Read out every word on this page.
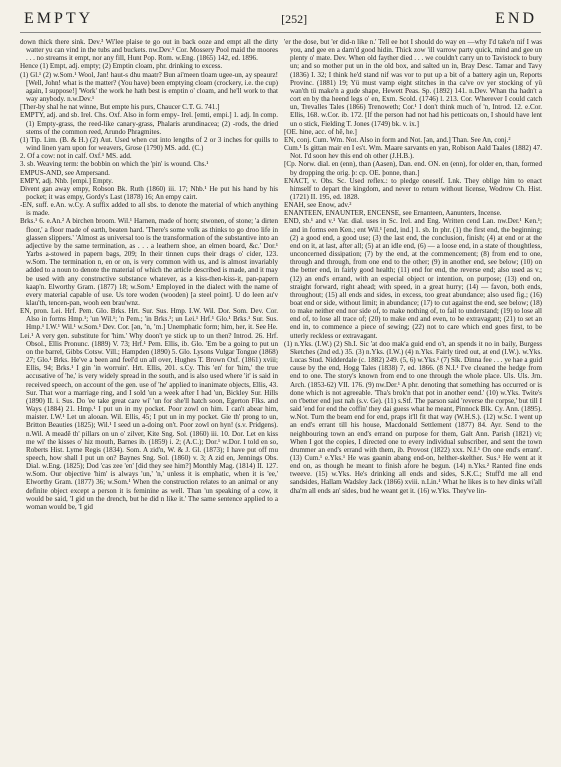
EMPTY	[252]	END

down thick there sink. Dev.³ Wi'lee plaise te go out in back ooze and empt all the dirty watter yu can vind in the tubs and buckets. nw.Dev.¹ Cor. Mossery Pool maid the moores . . . no streams it empt, nor any fill, Hunt Pop. Rom. w.Eng. (1865) 142, ed. 1896.

Hence (1) Empt, adj. empty; (2) Emptin cloam, phr. drinking to excess.

(1) Gl.¹ (2) w.Som.¹ Wool, Jan! haut-s dhu maatr? Bun ai'meen tloam ugee-un, ay speaurz! [Well, John! what is the matter? (You have) been emptying cloam (crockery, i.e. the cup) again, I suppose!] 'Work' the work he hath best is emptin o' cloam, and he'll work to that way anybody. n.w.Dev.¹

[Ther-by shal he nat winne, But empte his purs, Chaucer C.T. G. 741.]

EMPTY, adj. and sb. Irel. Chs. Oxf. Also in form empy- Irel. [emti, empi.] 1. adj. In comp. (1) Empty-grass, the reed-like canary-grass, Phalaris arundinacea; (2) -rods, the dried stems of the common reed, Arundo Phragmites.

(1) Tip. Lim. (B. & H.) (2) Aut. Used when cut into lengths of 2 or 3 inches for quills to wind linen yarn upon for weavers, Grose (1790) MS. add. (C.)

2. Of a cow: not in calf. Oxf.¹ MS. add.

3. sb. Weaving term: the bobbin on which the 'pin' is wound. Chs.¹

EMPUS-AND, see Ampersand.

EMPY, adj. Nhb. [empi.] Empty.

Divent gan away empy, Robson Bk. Ruth (1860) iii. 17; Nhb.¹ He put his hand by his pocket; it was empy, Gordy's Last (1878) 16; An empy cairt.

-EN, suff. e.An. w.Cy. A suffix added to all sbs. to denote the material of which anything is made.

Brks.¹ 6. e.An.² A birchen broom. Wil.¹ Harnen, made of horn; stwonen, of stone; 'a dirten floor,' a floor made of earth, beaten hard. 'There's some volk as thinks to go droo life in glassen slippers.' 'Almost as universal too is the transformation of the substantive into an adjective by the same termination, as . . . a leathern shoe, an elmen board, &c.' Dor.¹ Yarbs a-stowed in papern bags, 209; In their tinnen cups their drags o' cider, 123. w.Som. The termination n, en or on, is very common with us, and is almost invariably added to a noun to denote the material of which the article described is made, and it may be used with any constructive substance whatever, as a kiss-then-kiss-it, pan-papern kaap'n. Elworthy Gram. (1877) 18; w.Som.¹ Employed in the dialect with the name of every material capable of use. Us tore woden (wooden) [a steel point]. U do leen au'v klau'th, tencen-pan, wooh een brau'wnz.

EN, pron. Lei. Hrf. Pem. Glo. Brks. Hrt. Sur. Sus. Hmp. I.W. Wil. Dor. Som. Dev. Cor. Also in forms Hmp.¹; 'un Wil.¹; 'n Pem.; 'in Brks.¹; un Lei.¹ Hrf.¹ Glo.¹ Brks.¹ Sur. Sus. Hmp.¹ I.W.¹ Wil.¹ w.Som.¹ Dev. Cor. [ən, ʼn, ʼm.] Unemphatic form; him, her, it. See He.

Lei.¹ A very gen. substitute for 'him.' Why doon't ye stick up to un then? Introd. 26. Hrf. Obsol., Ellis Pronunc. (1889) V. 73; Hrf.¹ Pem. Ellis, ib. Glo. 'Em be a going to put un on the barrel, Gibbs Cotsw. Vill.; Hampden (1890) 5. Glo. Lysons Vulgar Tongue (1868) 27; Glo.¹ Brks. He've a been and feel'd un all over, Hughes T. Brown Oxf. (1861) xviii; Ellis, 94; Brks.¹ I gin 'in worruin'. Hrt. Ellis, 201. s.Cy. This 'en' for 'him,' the true accusative of 'he,' is very widely spread in the south, and is also used where 'it' is said in received speech, on account of the gen. use of 'he' applied to inanimate objects, Ellis, 43. Sur. That wor a marriage ring, and I sold 'un a week after I had 'un, Bickley Sur. Hills (1890) II. i. Sus. Do 'ee take great care wi' 'un for she'll hatch soon, Egerton Flks. and Ways (1884) 21. Hmp.¹ I put un in my pocket. Poor zowl on him. I can't abear him, maister. I.W.¹ Let un alooan. Wil. Ellis, 45; I put un in my pocket. Gie th' prong to un, Britton Beauties (1825); Wil.¹ I seed un a-doing on't. Poor zowl on hyn! (s.v. Pridgens). n.Wil. A meadē th' pillars on un o' zilver, Kite Sng. Sol. (1860) iii. 10. Dor. Let en kiss me wi' the kisses o' hiz mouth, Barnes ib. (1859) i. 2; (A.C.); Dor.¹ w.Dor. I told en so, Roberts Hist. Lyme Regis (1834). Som. A zid'n, W. & J. Gl. (1873); I have put off mu speech, how shall I put un on? Baynes Sng. Sol. (1860) v. 3; A zid en, Jennings Obs. Dial. w.Eng. (1825); Dod 'cas zee 'en' [did they see him?] Monthly Mag. (1814) II. 127. w.Som. Our objective 'him' is always 'un,' 'n,' unless it is emphatic, when it is 'ee,' Elworthy Gram. (1877) 36; w.Som.¹ When the construction relates to an animal or any definite object except a person it is feminine as well. Than 'un speaking of a cow, it would be said, 'I gid un the drench, but he did n like it.' The same sentence applied to a woman would be, 'I gid

'er the dose, but 'er did-n like n.' Tell ee hot I should do way en —why I'd take'n nif I was you, and gee en a darn'd good hidin. Thick zow 'ill varrow party quick, mind and gee un plenty o' mate. Dev. When old fayther died . . . we couldn't carry un to Tavistock to bury un; and so mother put un in the old box, and salted un in, Bray Desc. Tamar and Tavy (1836) I. 32; I think he'd stand nif was vor to put up a bit of a battery agin un, Reports Provinc. (1881) 19; Yü must vamp eight stitches in tha ca've ov yer stocking of yü wan'th tü make'n a gude shape, Hewett Peas. Sp. (1892) 141. n.Dev. Whan tha hadn't a cort en by tha heend legs o' en, Exm. Scold. (1746) l. 213. Cor. Wherever I could catch un, Trevalles Tales (1866) Trenoweth; Cor.¹ I don't think much of 'n, Introd. 12. e.Cor. Ellis, 168. w.Cor. ib. 172. [If the person had not had his petticoats on, I should have lent un o stick, Fielding T. Jones (1749) bk. v. ix.]

[OE. hine, acc. of hē, he.]

EN, conj. Cum. Wm. Not. Also in form and Not. [ən, and.] Than. See An, conj.²

Cum.¹ Is gittan mair en I es't. Wm. Maare sarvants en yan, Robison Aald Taales (1882) 47. Not. I'd soon hev this end oh other (J.H.B.).

[Cp. Norw. dial. en (enn), than (Aasen), Dan. end. ON. en (enn), for older en, than, formed by dropping the orig. þ: cp. OE. þonne, than.]

ENACT, v. Obs. Sc. Used reflex.: to pledge oneself. Lnk. They oblige him to enact himself to depart the kingdom, and never to return without license, Wodrow Ch. Hist. (1721) II. 195, ed. 1828.

ENAH, see Enow, adv.²

ENANTEEN, ENAUNTER, ENCENSE, see Ernanteen, Aanunters, Incense.

END, sb.¹ and v.¹ Var. dial. uses in Sc. Irel. and Eng. Written cend Lan. nw.Der.¹ Ken.¹; and in forms een Ken.; ent Wil.¹ [end, ind.] 1. sb. In phr. (1) the first end, the beginning; (2) a good end, a good use; (3) the last end, the conclusion, finish; (4) at end or at the end on it, at last, after all; (5) at an idle end, (6) — a loose end, in a state of thoughtless, unconcerned dissipation; (7) by the end, at the commencement; (8) from end to one, through and through, from one end to the other; (9) in another end, see below; (10) on the better end, in fairly good health; (11) end for end, the reverse end; also used as v.; (12) an end's errand, with an especial object or intention, on purpose; (13) end on, straight forward, right ahead; with speed, in a great hurry; (14) — favon, both ends, throughout; (15) all ends and sides, in excess, too great abundance; also used fig.; (16) boat end or side, without limit; in abundance; (17) to cut against the end, see below; (18) to make neither end nor side of, to make nothing of, to fail to understand; (19) to lose all end of, to lose all trace of; (20) to make end and even, to be extravagant; (21) to set an end in, to commence a piece of sewing; (22) not to care which end goes first, to be utterly reckless or extravagant.

(1) n.Yks. (I.W.) (2) Sh.I. Sic 'at doo mak'a guid end o't, an spends it no in baily, Burgess Sketches (2nd ed.) 35. (3) n.Yks. (I.W.) (4) n.Yks. Fairly tired out, at end (I.W.). w.Yks. Lucas Stud. Nidderdale (c. 1882) 249. (5, 6) w.Yks.¹ (7) Slk. Dinna fee . . . ye hae a guid cause by the end, Hogg Tales (1838) 7, ed. 1866. (8 N.I.¹ I've cleaned the hedge from end to one. The story's known from end to one through the whole place. Uls. Uls. Jrn. Arch. (1853-62) VII. 176. (9) nw.Der.¹ A phr. denoting that something has occurred or is done which is not agreeable. 'Tha's brok'n that pot in another eend.' (10) w.Yks. Twite's on t'better end just nah (s.v. Ge). (11) s.Stf. The parson said 'reverse the corpse,' but till I said 'end for end the coffin' they dai guess what he meant, Pinnock Blk. Cy. Ann. (1895). w.Not. Turn the beam end for end, praps it'll fit that way (W.H.S.). (12) w.Sc. I went up an end's errant till his house, Macdonald Settlement (1877) 84. Ayr. Send to the neighbouring town an end's errand on purpose for them, Galt Ann. Parish (1821) vi; When I got the copies, I directed one to every individual subscriber, and sent the town drummer an end's errand with them, ib. Provost (1822) xxx. N.I.¹ On one end's errant'. (13) Cum.¹ e.Yks.¹ He was gaanin abang end-on, helther-skelther. Sus.¹ He went at it end on, as though he meant to finish afore he begun. (14) n.Yks.² Ranted fine ends tweeve. (15) w.Yks. He's drinking all ends and sides, S.K.C.; Stuff'd me all end sandsides, Hallam Wadsley Jack (1866) xviii. n.Lin.¹ What he likes is to hev dinks wi'all dha'm all ends an' sides, bud he weant get it. (16) w.Yks. They've lin-
